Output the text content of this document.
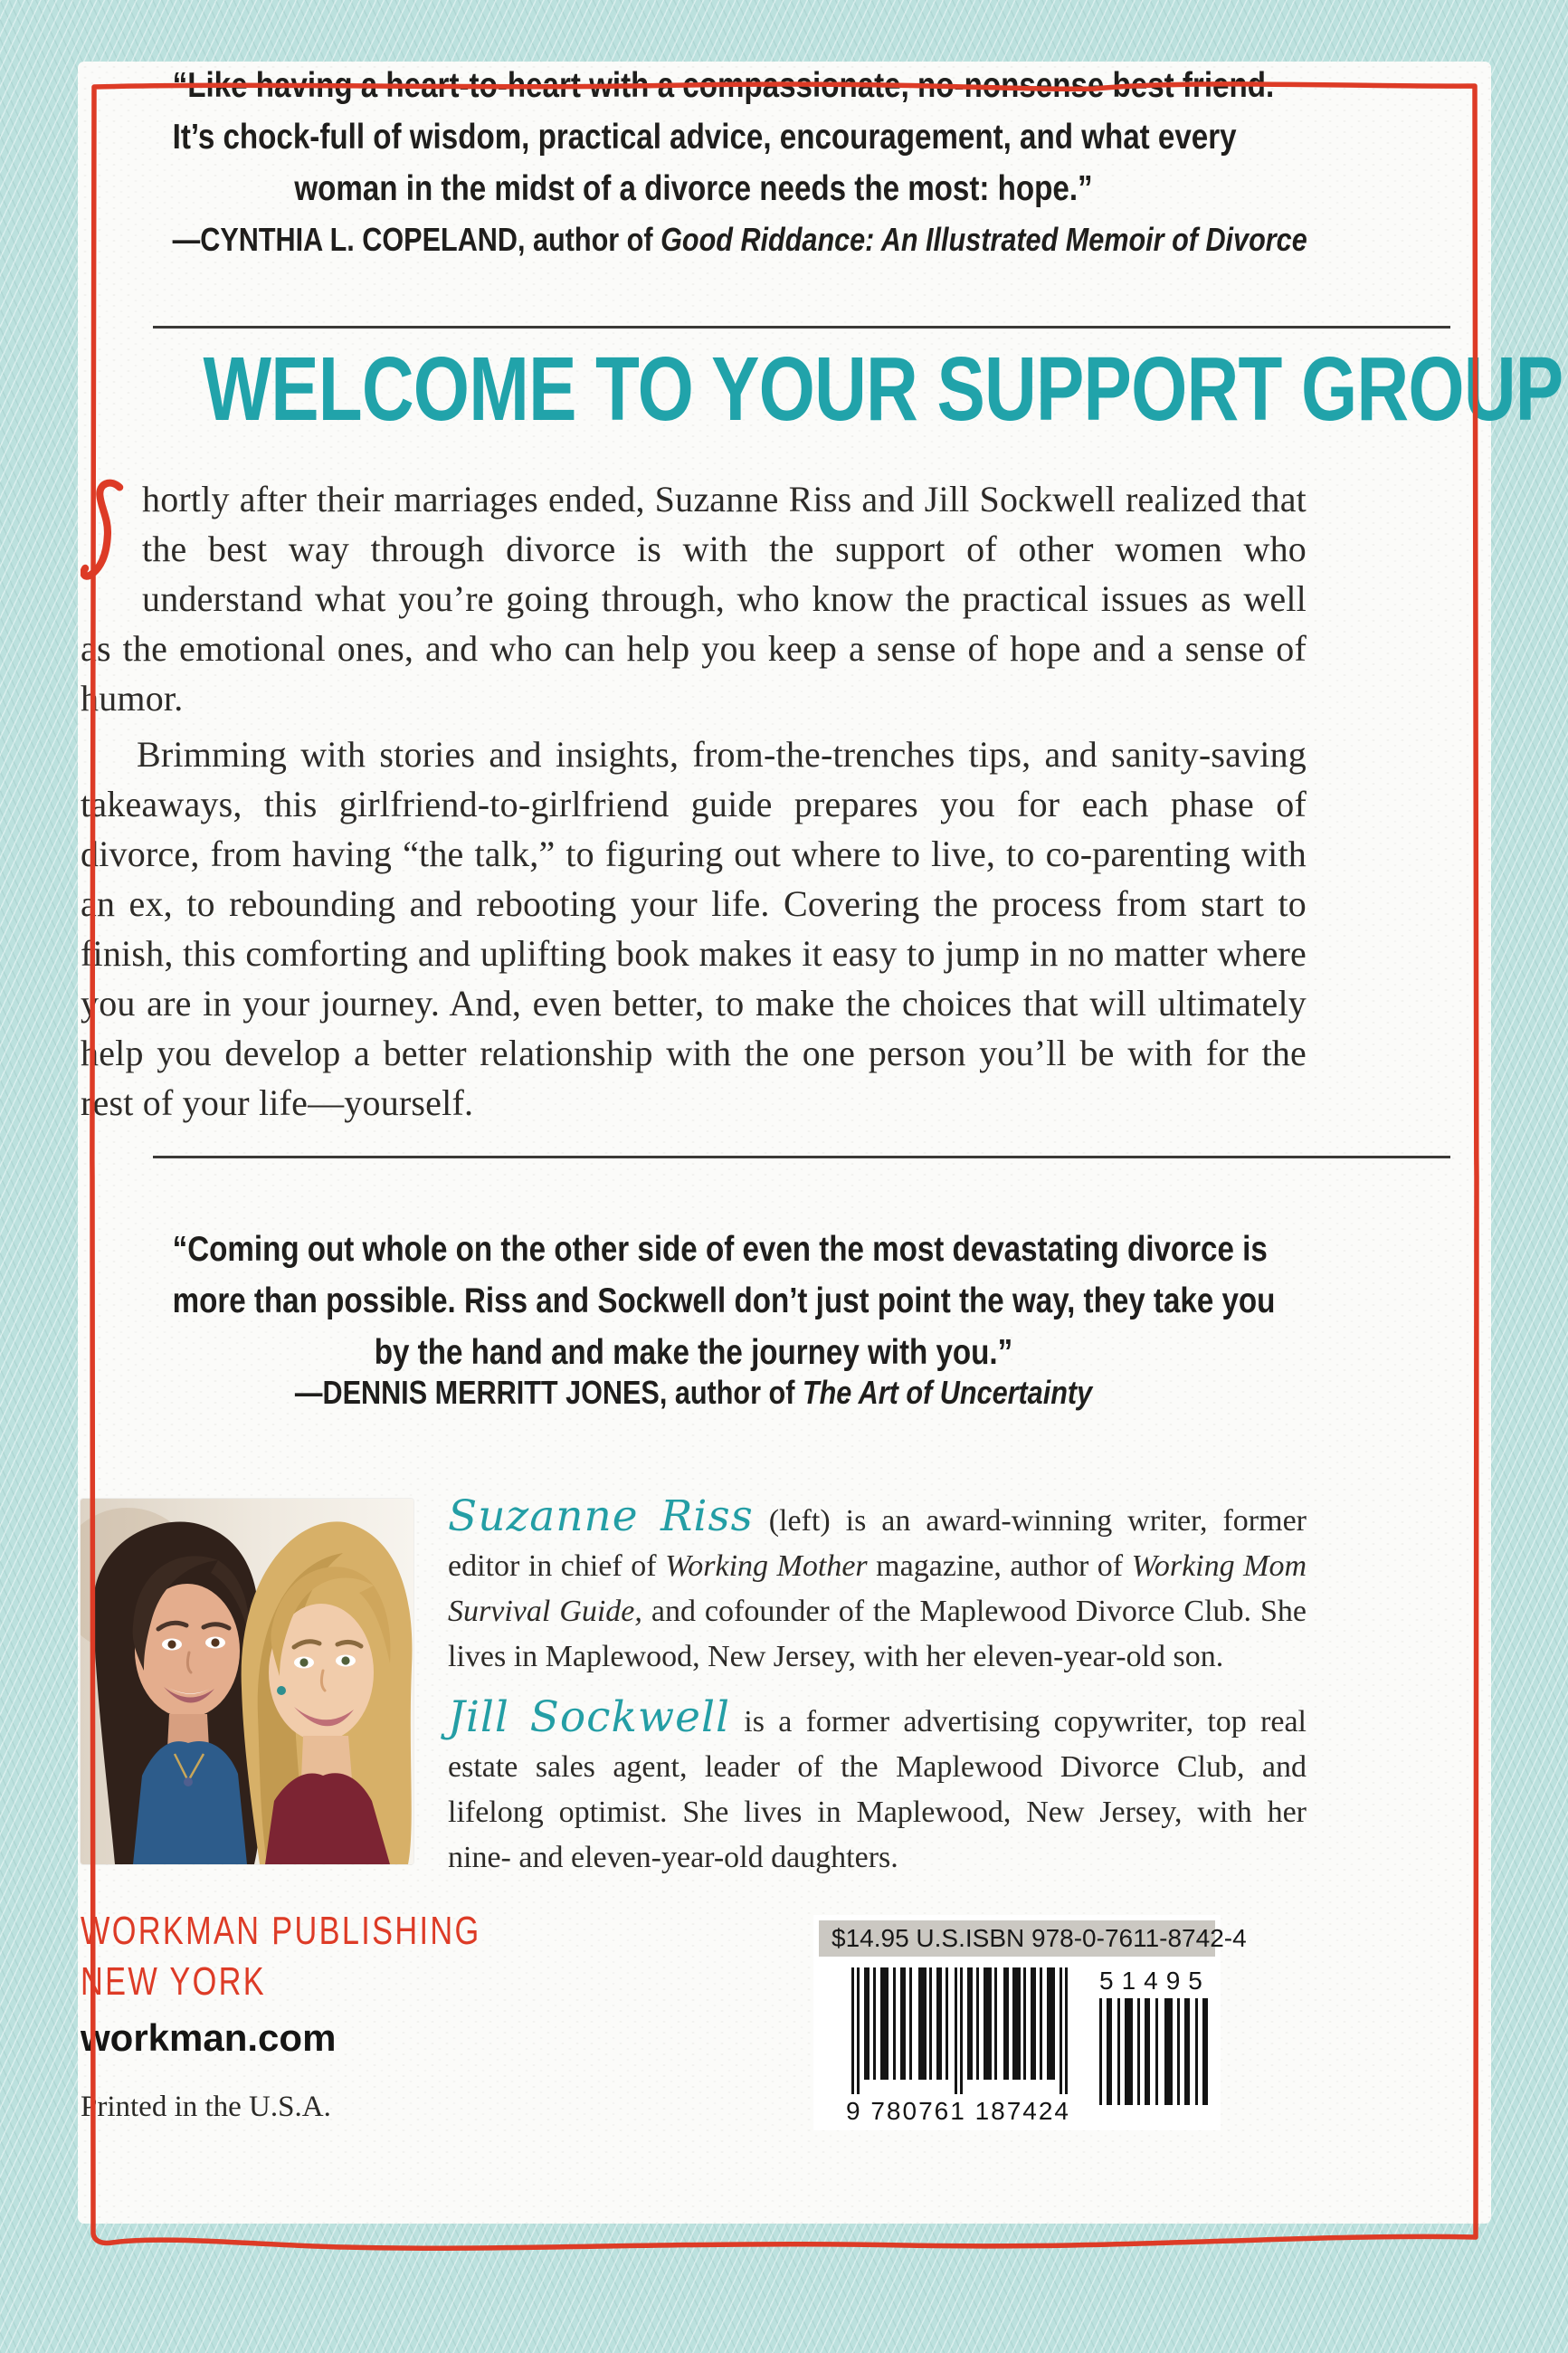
“Like having a heart-to-heart with a compassionate, no-nonsense best friend.
It’s chock-full of wisdom, practical advice, encouragement, and what every
woman in the midst of a divorce needs the most: hope.”
—CYNTHIA L. COPELAND, author of Good Riddance: An Illustrated Memoir of Divorce
WELCOME TO YOUR SUPPORT GROUP
hortly after their marriages ended, Suzanne Riss and Jill Sockwell realized that the best way through divorce is with the support of other women who understand what you’re going through, who know the practical issues as well as the emotional ones, and who can help you keep a sense of hope and a sense of humor.
Brimming with stories and insights, from-the-trenches tips, and sanity-saving takeaways, this girlfriend-to-girlfriend guide prepares you for each phase of divorce, from having “the talk,” to figuring out where to live, to co-parenting with an ex, to rebounding and rebooting your life. Covering the process from start to finish, this comforting and uplifting book makes it easy to jump in no matter where you are in your journey. And, even better, to make the choices that will ultimately help you develop a better relationship with the one person you’ll be with for the rest of your life—yourself.
“Coming out whole on the other side of even the most devastating divorce is
more than possible. Riss and Sockwell don’t just point the way, they take you
by the hand and make the journey with you.”
—DENNIS MERRITT JONES, author of The Art of Uncertainty
Suzanne Riss (left) is an award-winning writer, former editor in chief of Working Mother magazine, author of Working Mom Survival Guide, and cofounder of the Maplewood Divorce Club. She lives in Maplewood, New Jersey, with her eleven-year-old son.
Jill Sockwell is a former advertising copywriter, top real estate sales agent, leader of the Maplewood Divorce Club, and lifelong optimist. She lives in Maplewood, New Jersey, with her nine- and eleven-year-old daughters.
WORKMAN PUBLISHING
NEW YORK
workman.com
Printed in the U.S.A.
$14.95 U.S. ISBN 978-0-7611-8742-4
9 780761 187424
51495
